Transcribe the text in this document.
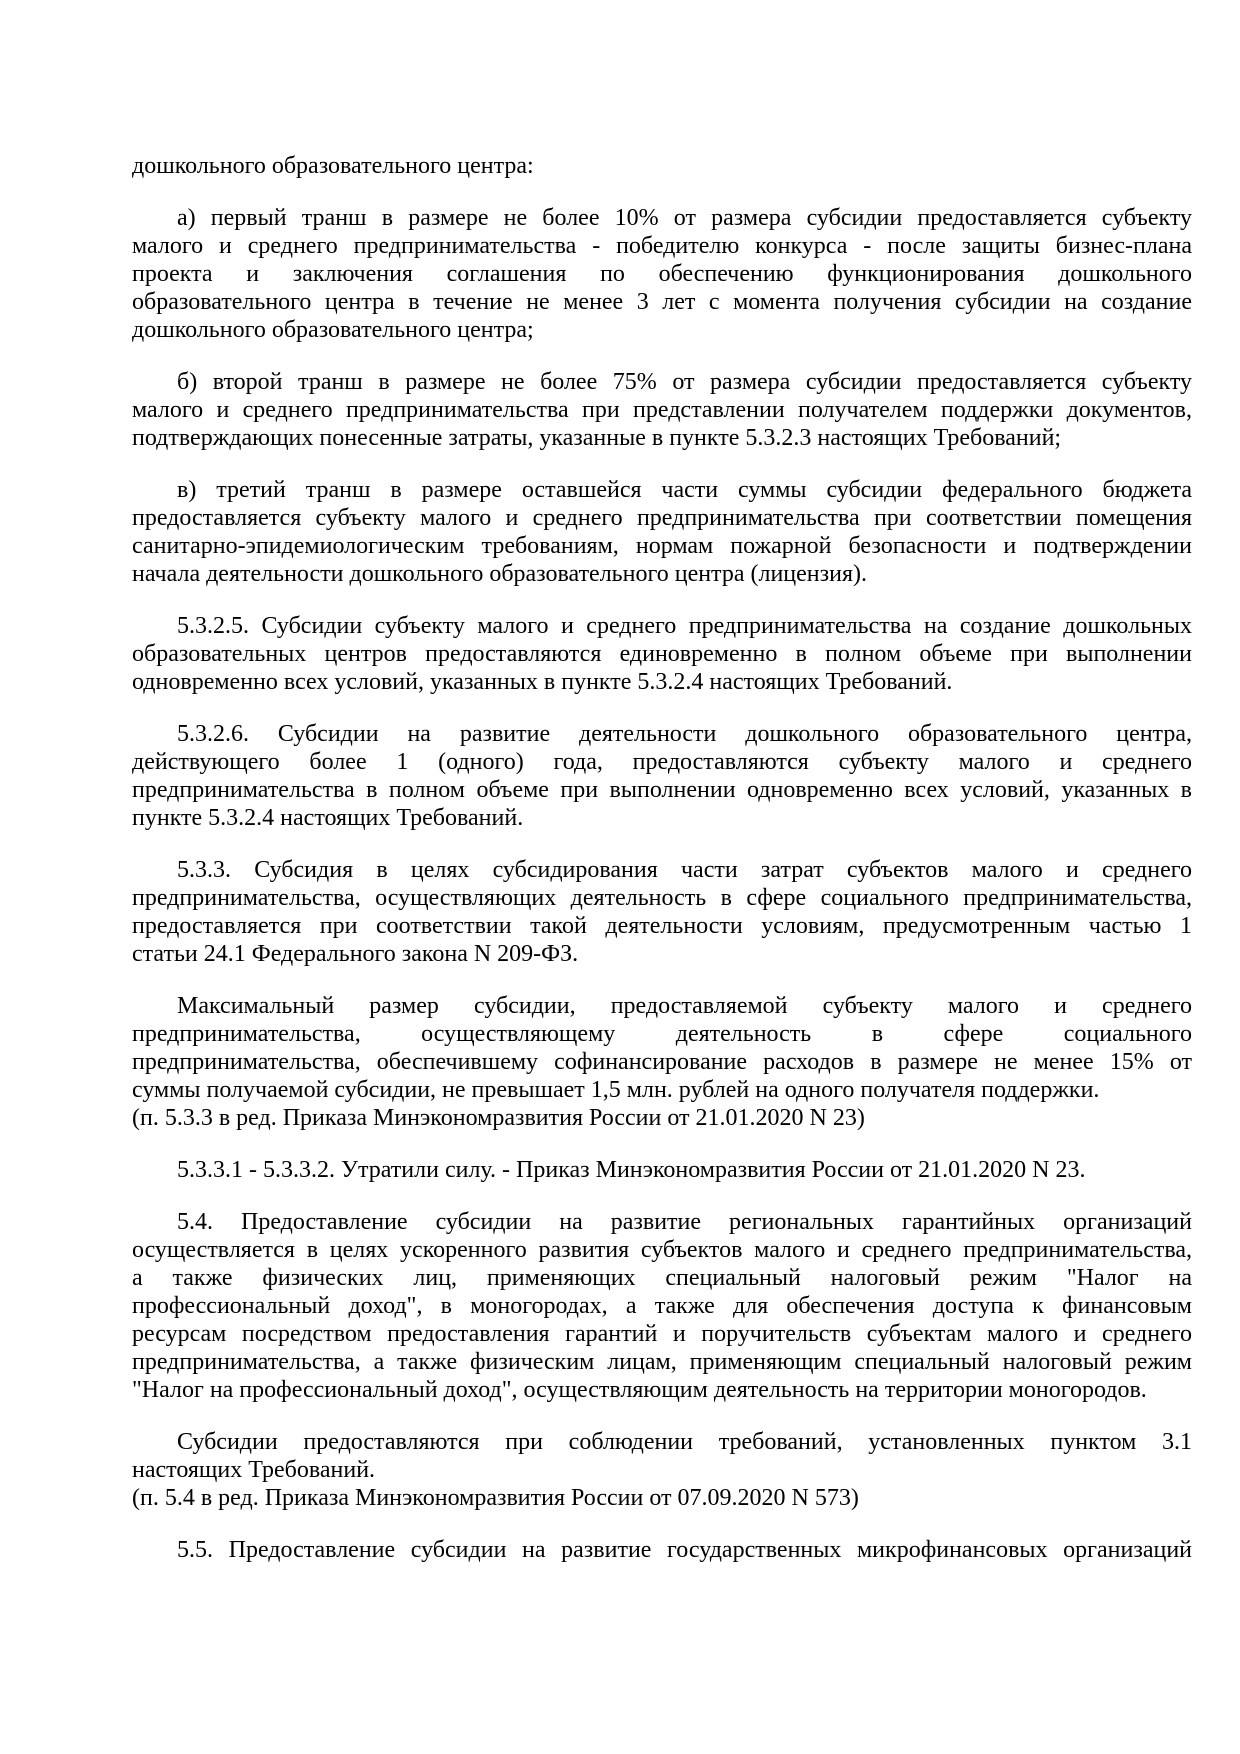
дошкольного образовательного центра:
а) первый транш в размере не более 10% от размера субсидии предоставляется субъекту
малого и среднего предпринимательства - победителю конкурса - после защиты бизнес-плана
проекта и заключения соглашения по обеспечению функционирования дошкольного
образовательного центра в течение не менее 3 лет с момента получения субсидии на создание
дошкольного образовательного центра;
б) второй транш в размере не более 75% от размера субсидии предоставляется субъекту
малого и среднего предпринимательства при представлении получателем поддержки документов,
подтверждающих понесенные затраты, указанные в пункте 5.3.2.3 настоящих Требований;
в) третий транш в размере оставшейся части суммы субсидии федерального бюджета
предоставляется субъекту малого и среднего предпринимательства при соответствии помещения
санитарно-эпидемиологическим требованиям, нормам пожарной безопасности и подтверждении
начала деятельности дошкольного образовательного центра (лицензия).
5.3.2.5. Субсидии субъекту малого и среднего предпринимательства на создание дошкольных
образовательных центров предоставляются единовременно в полном объеме при выполнении
одновременно всех условий, указанных в пункте 5.3.2.4 настоящих Требований.
5.3.2.6. Субсидии на развитие деятельности дошкольного образовательного центра,
действующего более 1 (одного) года, предоставляются субъекту малого и среднего
предпринимательства в полном объеме при выполнении одновременно всех условий, указанных в
пункте 5.3.2.4 настоящих Требований.
5.3.3. Субсидия в целях субсидирования части затрат субъектов малого и среднего
предпринимательства, осуществляющих деятельность в сфере социального предпринимательства,
предоставляется при соответствии такой деятельности условиям, предусмотренным частью 1
статьи 24.1 Федерального закона N 209-ФЗ.
Максимальный размер субсидии, предоставляемой субъекту малого и среднего
предпринимательства, осуществляющему деятельность в сфере социального
предпринимательства, обеспечившему софинансирование расходов в размере не менее 15% от
суммы получаемой субсидии, не превышает 1,5 млн. рублей на одного получателя поддержки.
(п. 5.3.3 в ред. Приказа Минэкономразвития России от 21.01.2020 N 23)
5.3.3.1 - 5.3.3.2. Утратили силу. - Приказ Минэкономразвития России от 21.01.2020 N 23.
5.4. Предоставление субсидии на развитие региональных гарантийных организаций
осуществляется в целях ускоренного развития субъектов малого и среднего предпринимательства,
а также физических лиц, применяющих специальный налоговый режим "Налог на
профессиональный доход", в моногородах, а также для обеспечения доступа к финансовым
ресурсам посредством предоставления гарантий и поручительств субъектам малого и среднего
предпринимательства, а также физическим лицам, применяющим специальный налоговый режим
"Налог на профессиональный доход", осуществляющим деятельность на территории моногородов.
Субсидии предоставляются при соблюдении требований, установленных пунктом 3.1
настоящих Требований.
(п. 5.4 в ред. Приказа Минэкономразвития России от 07.09.2020 N 573)
5.5. Предоставление субсидии на развитие государственных микрофинансовых организаций
